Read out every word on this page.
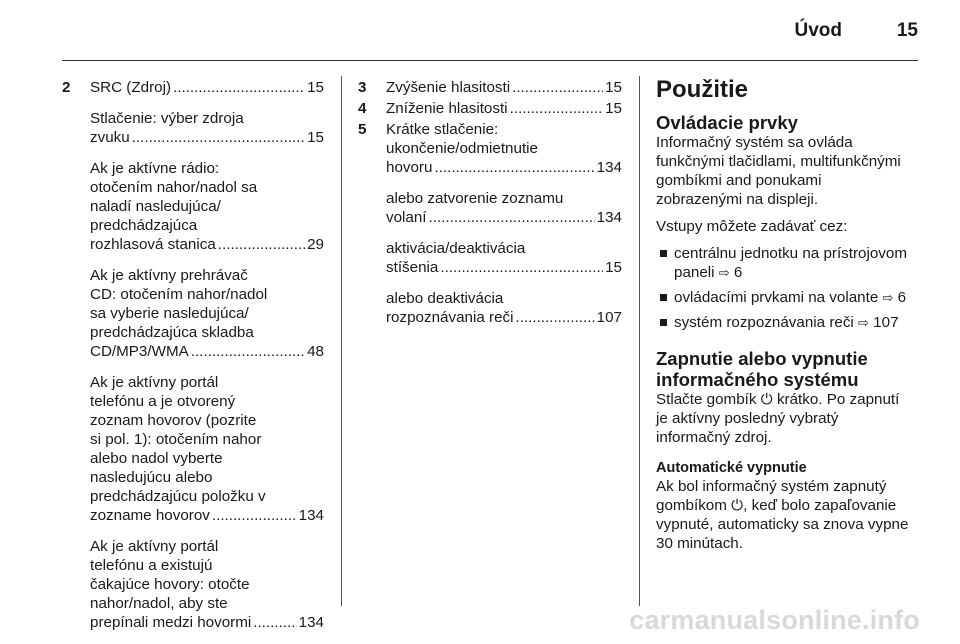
Úvod	15
2 SRC (Zdroj) .....	15
Stlačenie: výber zdroja
zvuku .....	15
Ak je aktívne rádio:
otočením nahor/nadol sa
naladí nasledujúca/
predchádzajúca
rozhlasová stanica .....	29
Ak je aktívny prehrávač
CD: otočením nahor/nadol
sa vyberie nasledujúca/
predchádzajúca skladba
CD/MP3/WMA .....	48
Ak je aktívny portál
telefónu a je otvorený
zoznam hovorov (pozrite
si pol. 1): otočením nahor
alebo nadol vyberte
nasledujúcu alebo
predchádzajúcu položku v
zozname hovorov .....	134
Ak je aktívny portál
telefónu a existujú
čakajúce hovory: otočte
nahor/nadol, aby ste
prepínali medzi hovormi .....	134
3 Zvýšenie hlasitosti .....	15
4 Zníženie hlasitosti .....	15
5 Krátke stlačenie:
ukončenie/odmietnutie
hovoru .....	134
alebo zatvorenie zoznamu
volaní .....	134
aktivácia/deaktivácia
stíšenia .....	15
alebo deaktivácia
rozpoznávania reči .....	107
Použitie
Ovládacie prvky
Informačný systém sa ovláda
funkčnými tlačidlami, multifunkčnými
gombíkmi and ponukami
zobrazenými na displeji.
Vstupy môžete zadávať cez:
centrálnu jednotku na prístrojovom
paneli ⇨ 6
ovládacími prvkami na volante ⇨ 6
systém rozpoznávania reči ⇨ 107
Zapnutie alebo vypnutie
informačného systému
Stlačte gombík ⏻ krátko. Po zapnutí
je aktívny posledný vybratý
informačný zdroj.
Automatické vypnutie
Ak bol informačný systém zapnutý
gombíkom ⏻, keď bolo zapaľovanie
vypnuté, automaticky sa znova vypne
30 minútach.
carmanualsonline.info
